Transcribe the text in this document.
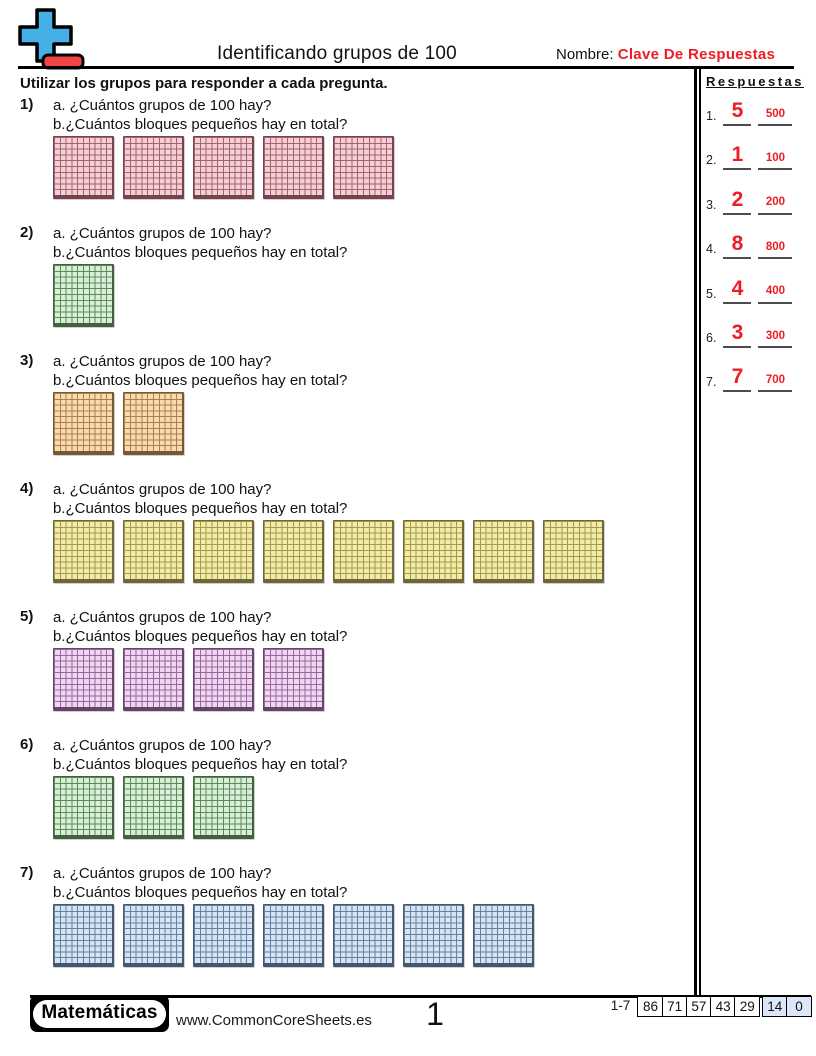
Identificando grupos de 100	Nombre: Clave De Respuestas
Utilizar los grupos para responder a cada pregunta.	Respuestas
1. 5	500
2. 1	100
3. 2	200
4. 8	800
5. 4	400
6. 3	300
7. 7	700
1)	a. ¿Cuántos grupos de 100 hay?
b.¿Cuántos bloques pequeños hay en total?
2)	a. ¿Cuántos grupos de 100 hay?
b.¿Cuántos bloques pequeños hay en total?
3)	a. ¿Cuántos grupos de 100 hay?
b.¿Cuántos bloques pequeños hay en total?
4)	a. ¿Cuántos grupos de 100 hay?
b.¿Cuántos bloques pequeños hay en total?
5)	a. ¿Cuántos grupos de 100 hay?
b.¿Cuántos bloques pequeños hay en total?
6)	a. ¿Cuántos grupos de 100 hay?
b.¿Cuántos bloques pequeños hay en total?
7)	a. ¿Cuántos grupos de 100 hay?
b.¿Cuántos bloques pequeños hay en total?
Matemáticas	www.CommonCoreSheets.es	1	1-7 86 71 57 43 29 14 0
